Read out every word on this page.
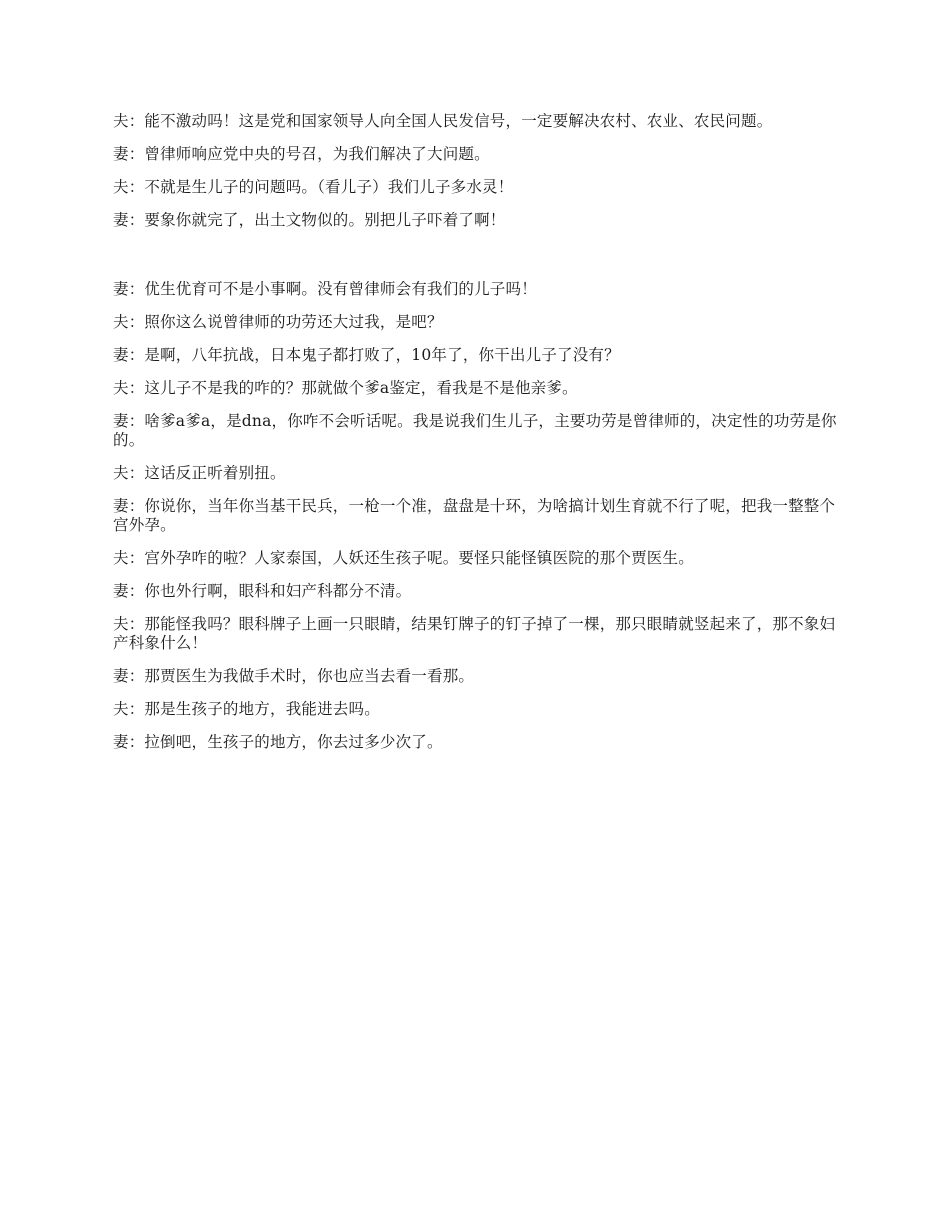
夫：能不激动吗！这是党和国家领导人向全国人民发信号，一定要解决农村、农业、农民问题。

妻：曾律师响应党中央的号召，为我们解决了大问题。

夫：不就是生儿子的问题吗。（看儿子）我们儿子多水灵！

妻：要象你就完了，出土文物似的。别把儿子吓着了啊！

妻：优生优育可不是小事啊。没有曾律师会有我们的儿子吗！

夫：照你这么说曾律师的功劳还大过我，是吧？

妻：是啊，八年抗战，日本鬼子都打败了，10年了，你干出儿子了没有？

夫：这儿子不是我的咋的？那就做个爹a鉴定，看我是不是他亲爹。

妻：啥爹a爹a，是dna，你咋不会听话呢。我是说我们生儿子，主要功劳是曾律师的，决定性的功劳是你的。

夫：这话反正听着别扭。

妻：你说你，当年你当基干民兵，一枪一个准，盘盘是十环，为啥搞计划生育就不行了呢，把我一整整个宫外孕。

夫：宫外孕咋的啦？人家泰国，人妖还生孩子呢。要怪只能怪镇医院的那个贾医生。

妻：你也外行啊，眼科和妇产科都分不清。

夫：那能怪我吗？眼科牌子上画一只眼睛，结果钉牌子的钉子掉了一棵，那只眼睛就竖起来了，那不象妇产科象什么！

妻：那贾医生为我做手术时，你也应当去看一看那。

夫：那是生孩子的地方，我能进去吗。

妻：拉倒吧，生孩子的地方，你去过多少次了。
